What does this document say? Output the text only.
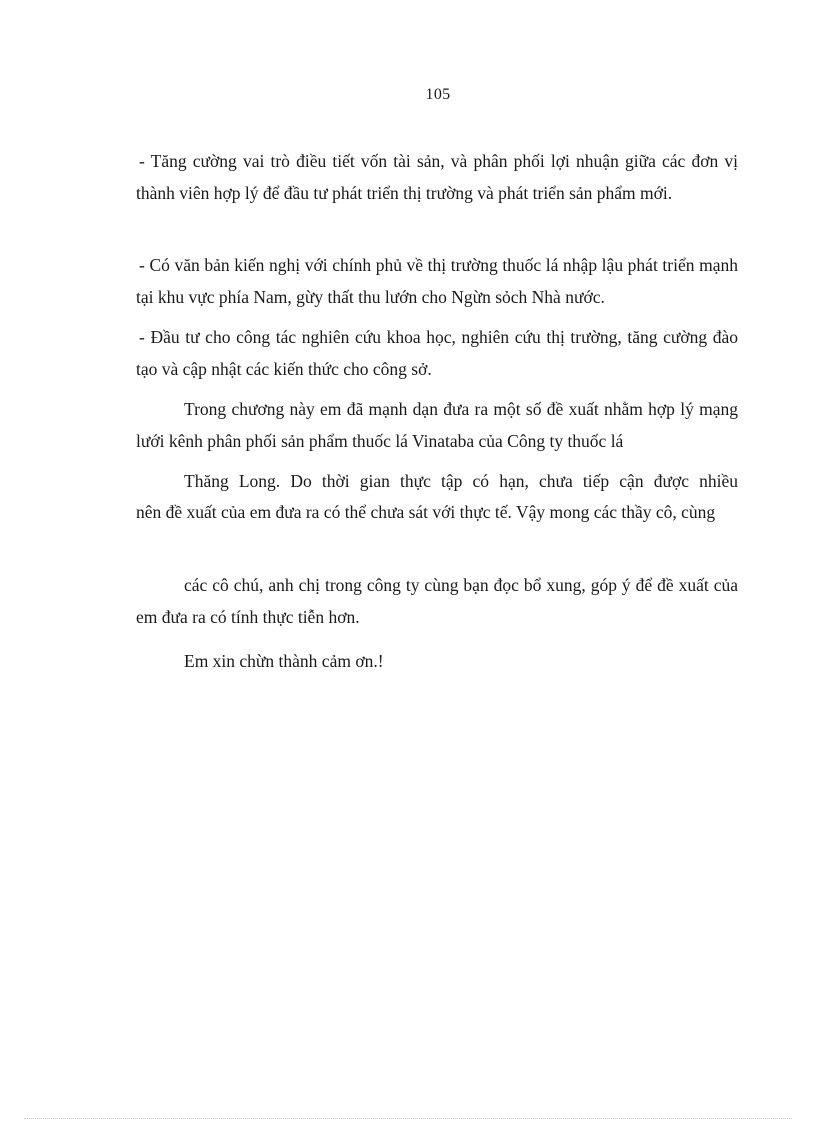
105

- Tăng cường vai trò điều tiết vốn tài sản, và phân phối lợi nhuận giữa các đơn vị thành viên hợp lý để đầu tư phát triển thị trường và phát triển sản phẩm mới.

- Có văn bản kiến nghị với chính phủ về thị trường thuốc lá nhập lậu phát triển mạnh tại khu vực phía Nam, gừy thất thu lướn cho Ngừn sỏch Nhà nước.

- Đầu tư cho công tác nghiên cứu khoa học, nghiên cứu thị trường, tăng cường đào tạo và cập nhật các kiến thức cho công sở.

Trong chương này em đã mạnh dạn đưa ra một số đề xuất nhằm hợp lý mạng lưới kênh phân phối sản phẩm thuốc lá Vinataba của Công ty thuốc lá

Thăng Long. Do thời gian thực tập có hạn, chưa tiếp cận được nhiều
nên đề xuất của em đưa ra có thể chưa sát với thực tế. Vậy mong các thầy cô, cùng

các cô chú, anh chị trong công ty cùng bạn đọc bổ xung, góp ý để đề xuất của em đưa ra có tính thực tiễn hơn.

Em xin chừn thành cảm ơn.!
